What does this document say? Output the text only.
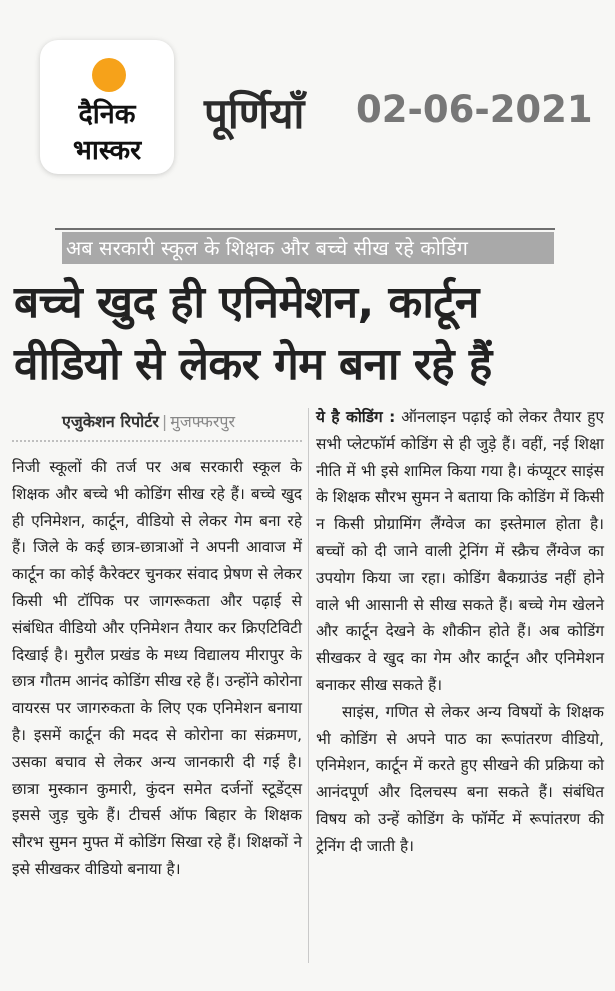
दैनिक
भास्कर
पूर्णियाँ 02-06-2021
अब सरकारी स्कूल के शिक्षक और बच्चे सीख रहे कोडिंग
बच्चे खुद ही एनिमेशन, कार्टून
वीडियो से लेकर गेम बना रहे हैं
एजुकेशन रिपोर्टर | मुजफ्फरपुर

निजी स्कूलों की तर्ज पर अब सरकारी स्कूल के शिक्षक और बच्चे भी कोडिंग सीख रहे हैं। बच्चे खुद ही एनिमेशन, कार्टून, वीडियो से लेकर गेम बना रहे हैं। जिले के कई छात्र-छात्राओं ने अपनी आवाज में कार्टून का कोई कैरेक्टर चुनकर संवाद प्रेषण से लेकर किसी भी टॉपिक पर जागरूकता और पढ़ाई से संबंधित वीडियो और एनिमेशन तैयार कर क्रिएटिविटी दिखाई है। मुरौल प्रखंड के मध्य विद्यालय मीरापुर के छात्र गौतम आनंद कोडिंग सीख रहे हैं। उन्होंने कोरोना वायरस पर जागरुकता के लिए एक एनिमेशन बनाया है। इसमें कार्टून की मदद से कोरोना का संक्रमण, उसका बचाव से लेकर अन्य जानकारी दी गई है। छात्रा मुस्कान कुमारी, कुंदन समेत दर्जनों स्टूडेंट्स इससे जुड़ चुके हैं। टीचर्स ऑफ बिहार के शिक्षक सौरभ सुमन मुफ्त में कोडिंग सिखा रहे हैं। शिक्षकों ने इसे सीखकर वीडियो बनाया है।

ये है कोडिंग : ऑनलाइन पढ़ाई को लेकर तैयार हुए सभी प्लेटफॉर्म कोडिंग से ही जुड़े हैं। वहीं, नई शिक्षा नीति में भी इसे शामिल किया गया है। कंप्यूटर साइंस के शिक्षक सौरभ सुमन ने बताया कि कोडिंग में किसी न किसी प्रोग्रामिंग लैंग्वेज का इस्तेमाल होता है। बच्चों को दी जाने वाली ट्रेनिंग में स्क्रैच लैंग्वेज का उपयोग किया जा रहा। कोडिंग बैकग्राउंड नहीं होने वाले भी आसानी से सीख सकते हैं। बच्चे गेम खेलने और कार्टून देखने के शौकीन होते हैं। अब कोडिंग सीखकर वे खुद का गेम और कार्टून और एनिमेशन बनाकर सीख सकते हैं।

साइंस, गणित से लेकर अन्य विषयों के शिक्षक भी कोडिंग से अपने पाठ का रूपांतरण वीडियो, एनिमेशन, कार्टून में करते हुए सीखने की प्रक्रिया को आनंदपूर्ण और दिलचस्प बना सकते हैं। संबंधित विषय को उन्हें कोडिंग के फॉर्मेट में रूपांतरण की ट्रेनिंग दी जाती है।
